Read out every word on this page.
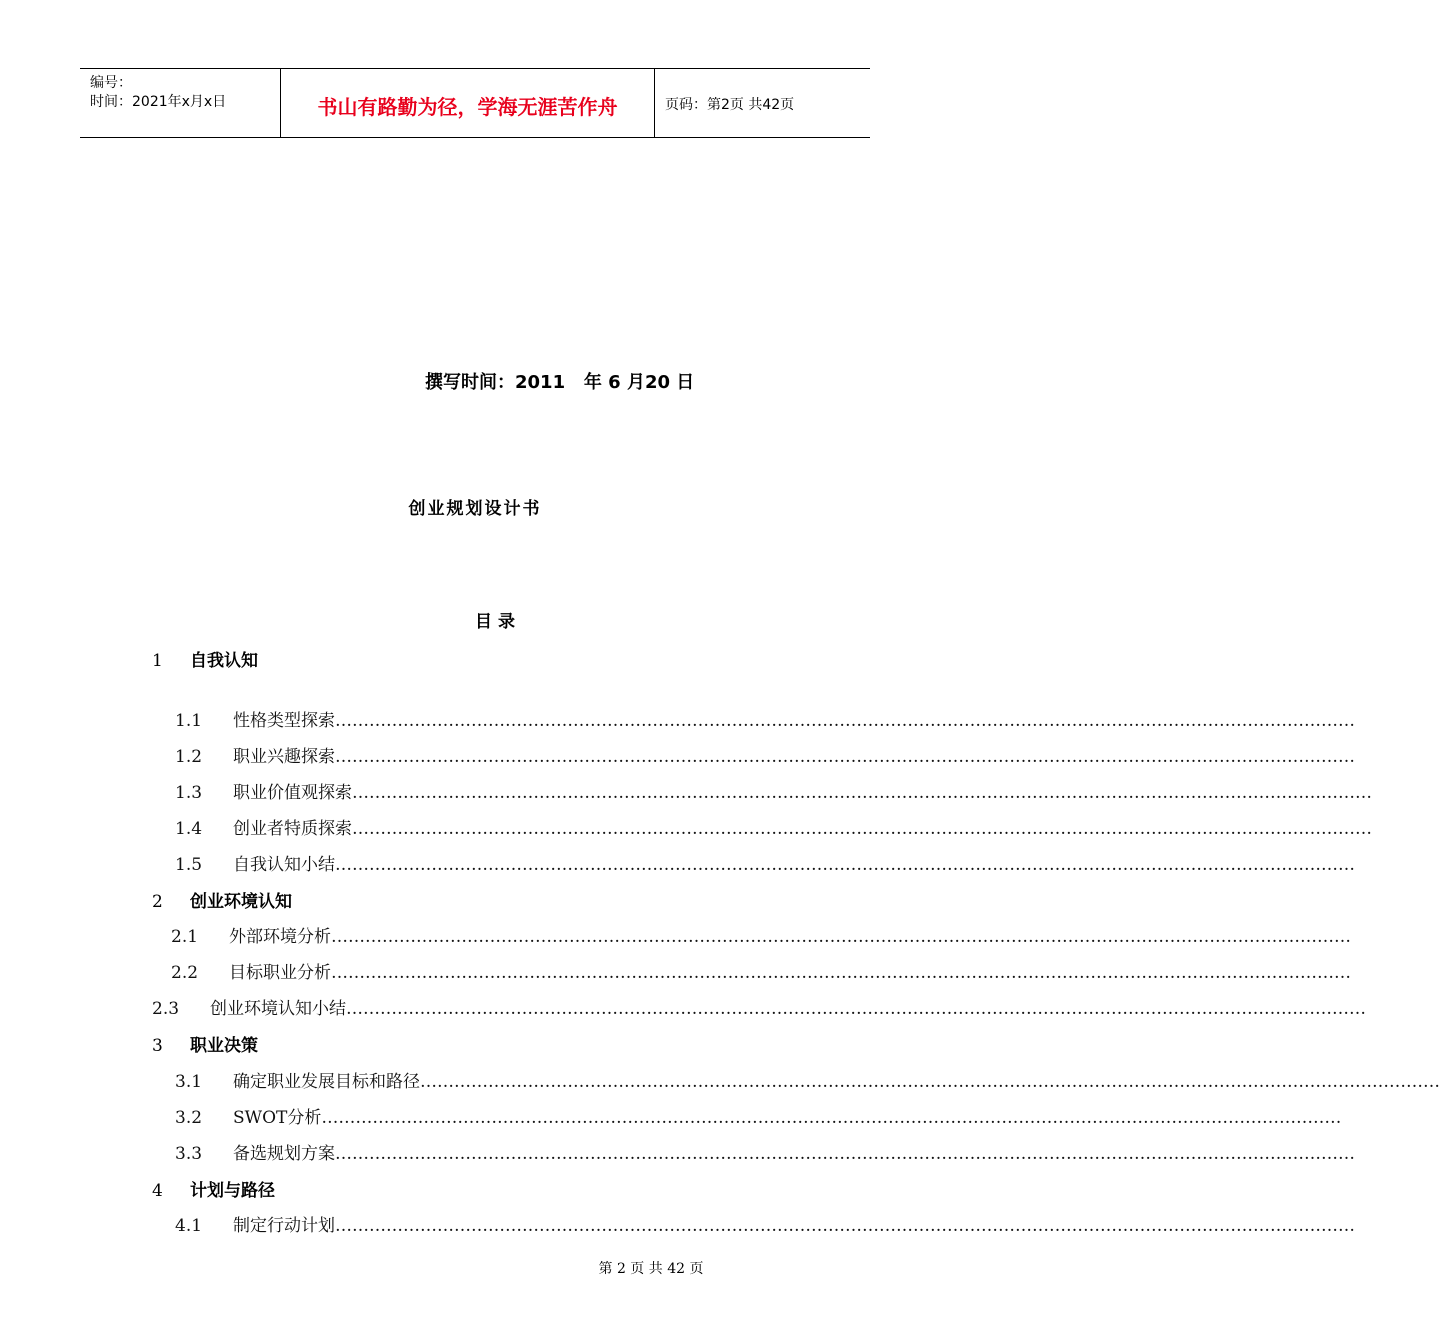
编号：
时间：2021年x月x日	书山有路勤为径，学海无涯苦作舟	页码：第2页 共42页
撰写时间：2011   年 6 月20 日
创业规划设计书
目 录
1 自我认知
2 创业环境认知
3 职业决策
4 计划与路径
1.1 性格类型探索………………………………………………………………………………………………………………………………………………………………
1.2 职业兴趣探索………………………………………………………………………………………………………………………………………………………………
1.3 职业价值观探索………………………………………………………………………………………………………………………………………………………………
1.4 创业者特质探索………………………………………………………………………………………………………………………………………………………………
1.5 自我认知小结………………………………………………………………………………………………………………………………………………………………
2.1 外部环境分析………………………………………………………………………………………………………………………………………………………………
2.2 目标职业分析………………………………………………………………………………………………………………………………………………………………
2.3 创业环境认知小结………………………………………………………………………………………………………………………………………………………………
3.1 确定职业发展目标和路径………………………………………………………………………………………………………………………………………………………………
3.2 SWOT分析………………………………………………………………………………………………………………………………………………………………
3.3 备选规划方案………………………………………………………………………………………………………………………………………………………………
4.1 制定行动计划………………………………………………………………………………………………………………………………………………………………
第 2 页 共 42 页
